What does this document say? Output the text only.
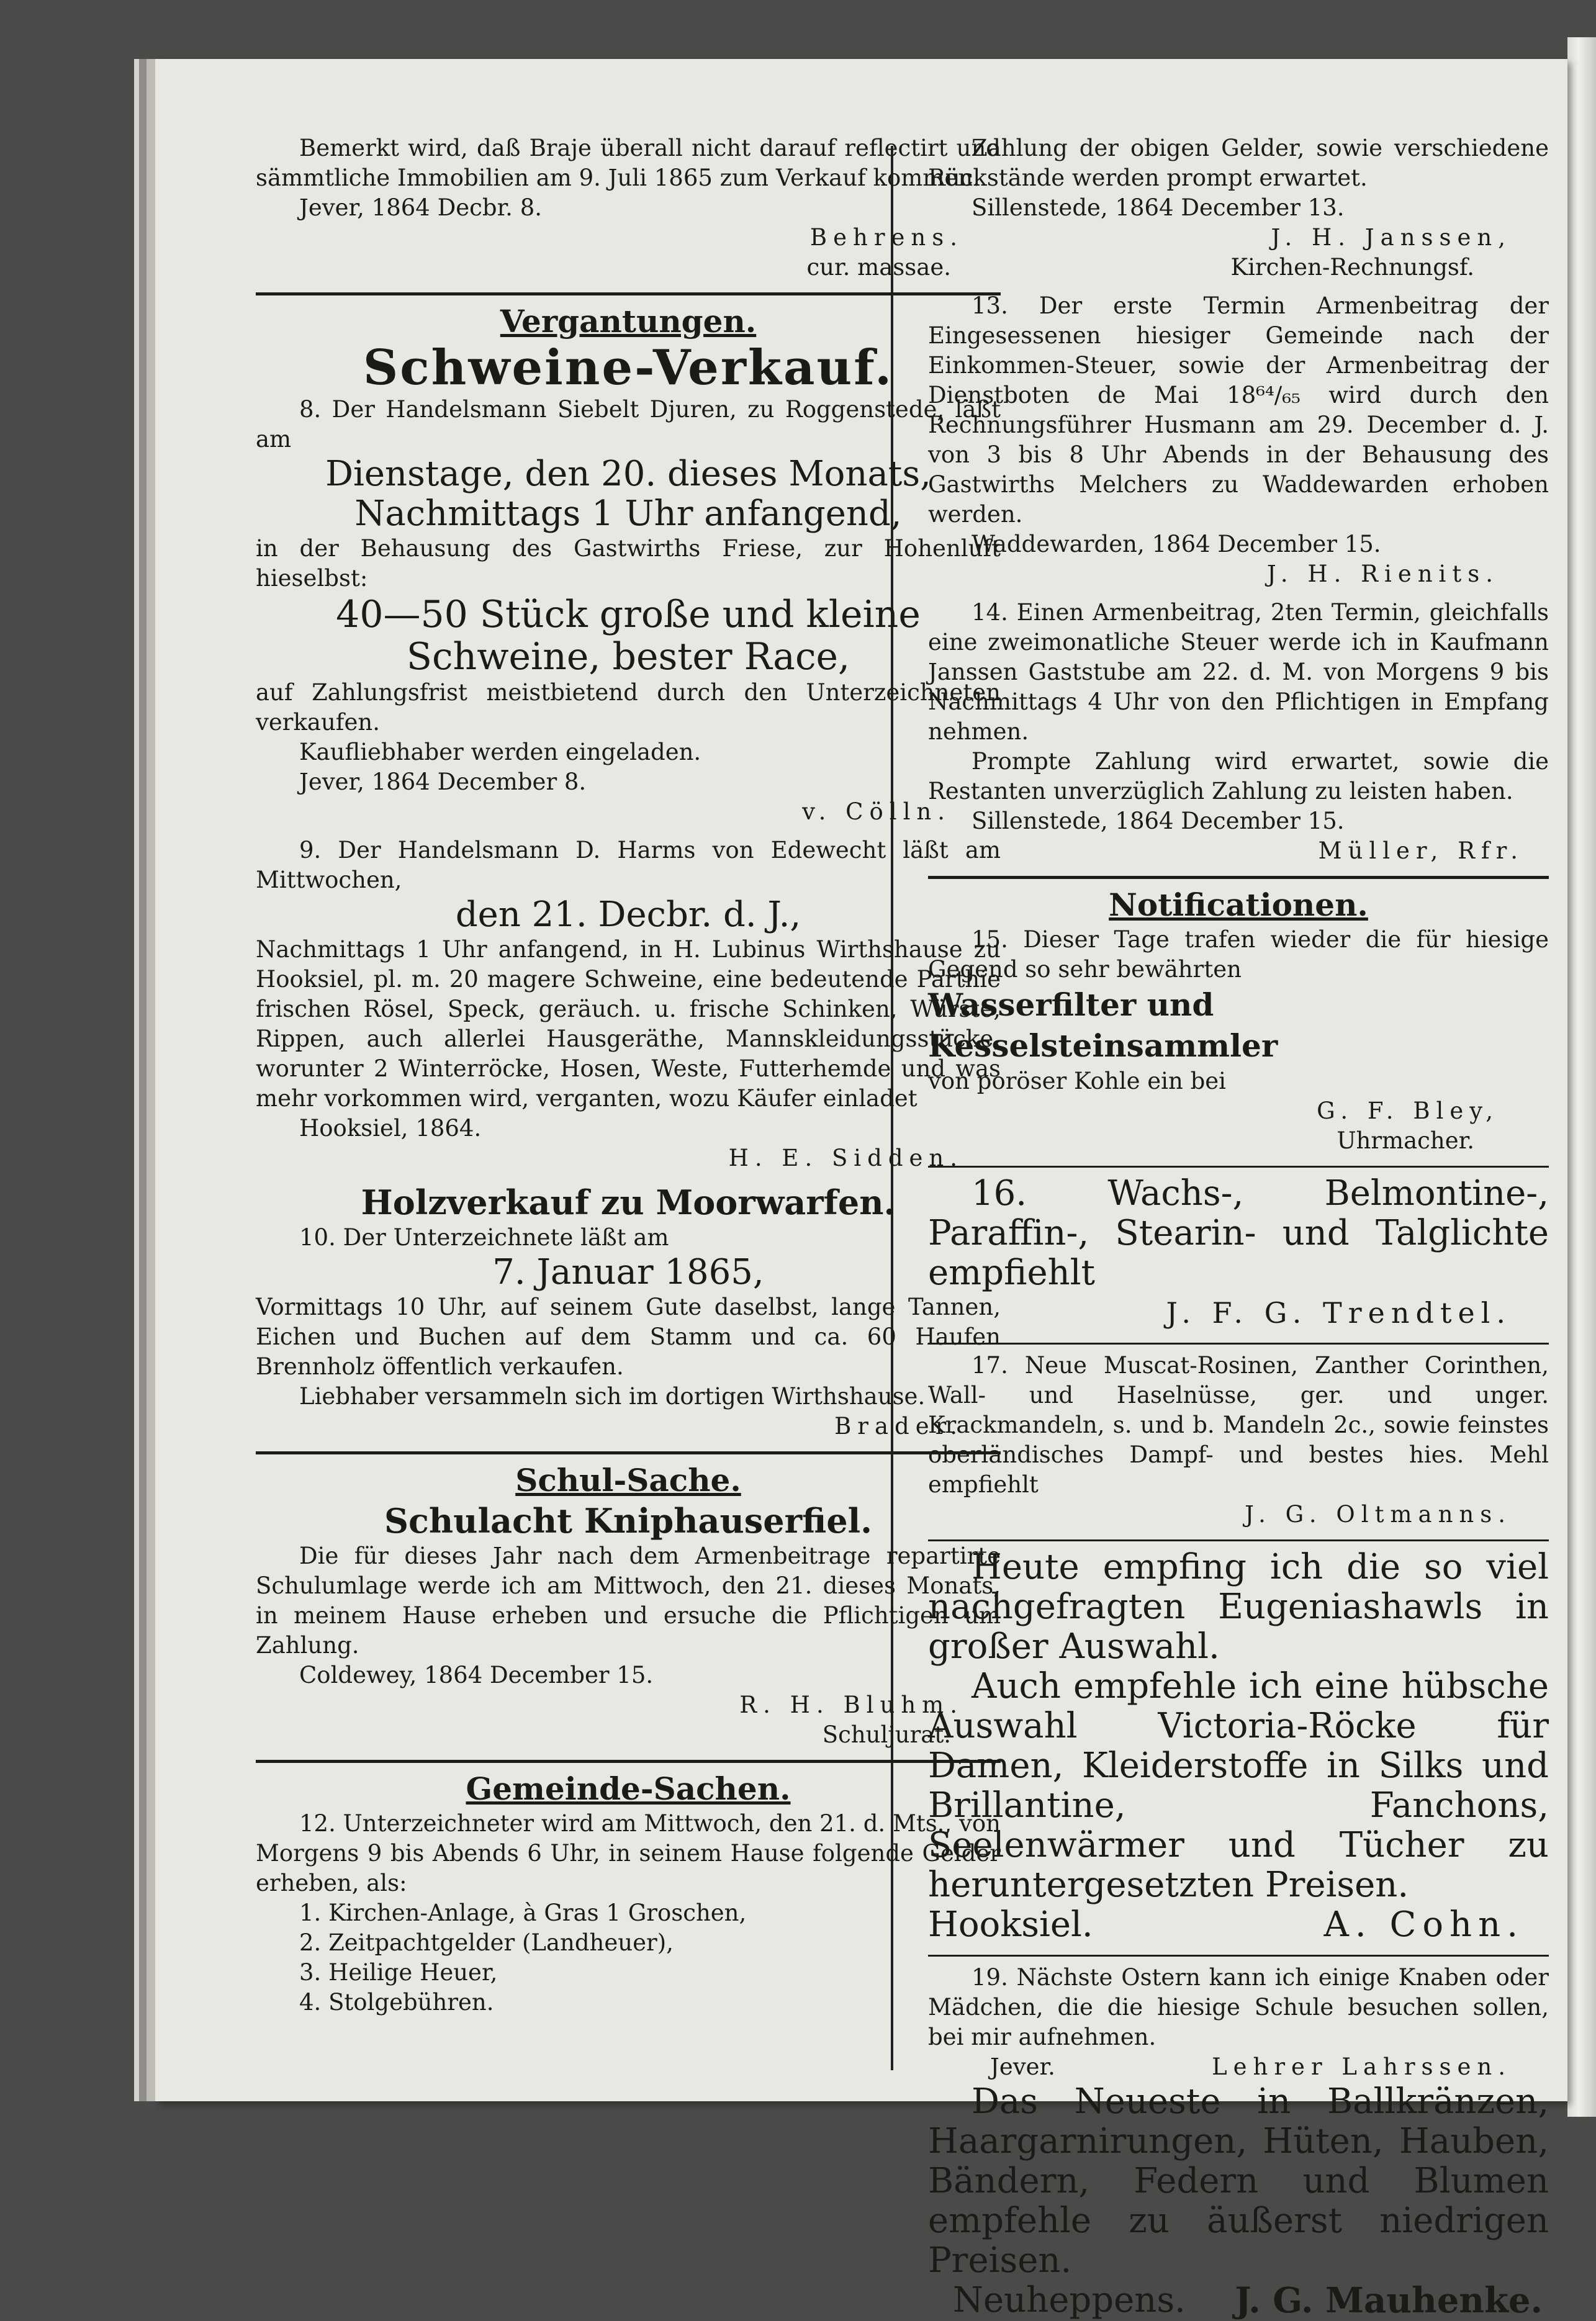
Bemerkt wird, daß Braje überall nicht darauf reflectirt und sämmtliche Immobilien am 9. Juli 1865 zum Verkauf kommen.

Jever, 1864 Decbr. 8.

Behrens.

cur. massae.

Vergantungen.

Schweine-Verkauf.

8. Der Handelsmann Siebelt Djuren, zu Roggenstede, läßt am

Dienstage, den 20. dieses Monats,

Nachmittags 1 Uhr anfangend,

in der Behausung des Gastwirths Friese, zur Hohenluft hieselbst:

40—50 Stück große und kleine

Schweine, bester Race,

auf Zahlungsfrist meistbietend durch den Unterzeichneten verkaufen.

Kaufliebhaber werden eingeladen.

Jever, 1864 December 8.

v. Cölln.

9. Der Handelsmann D. Harms von Edewecht läßt am Mittwochen,

den 21. Decbr. d. J.,

Nachmittags 1 Uhr anfangend, in H. Lubinus Wirthshause zu Hooksiel, pl. m. 20 magere Schweine, eine bedeutende Parthie frischen Rösel, Speck, geräuch. u. frische Schinken, Würste, Rippen, auch allerlei Hausgeräthe, Mannskleidungsstücke, worunter 2 Winterröcke, Hosen, Weste, Futterhemde und was mehr vorkommen wird, verganten, wozu Käufer einladet

Hooksiel, 1864.

H. E. Sidden.

Holzverkauf zu Moorwarfen.

10. Der Unterzeichnete läßt am

7. Januar 1865,

Vormittags 10 Uhr, auf seinem Gute daselbst, lange Tannen, Eichen und Buchen auf dem Stamm und ca. 60 Haufen Brennholz öffentlich verkaufen.

Liebhaber versammeln sich im dortigen Wirthshause.

Brader.

Schul-Sache.

Schulacht Kniphauserfiel.

Die für dieses Jahr nach dem Armenbeitrage repartirte Schulumlage werde ich am Mittwoch, den 21. dieses Monats, in meinem Hause erheben und ersuche die Pflichtigen um Zahlung.

Coldewey, 1864 December 15.

R. H. Bluhm.

Schuljurat.

Gemeinde-Sachen.

12. Unterzeichneter wird am Mittwoch, den 21. d. Mts., von Morgens 9 bis Abends 6 Uhr, in seinem Hause folgende Gelder erheben, als:

1. Kirchen-Anlage, à Gras 1 Groschen,

2. Zeitpachtgelder (Landheuer),

3. Heilige Heuer,

4. Stolgebühren.

Zahlung der obigen Gelder, sowie verschiedene Rückstände werden prompt erwartet.

Sillenstede, 1864 December 13.

J. H. Janssen,

Kirchen-Rechnungsf.

13. Der erste Termin Armenbeitrag der Eingesessenen hiesiger Gemeinde nach der Einkommen-Steuer, sowie der Armenbeitrag der Dienstboten de Mai 18⁶⁴/₆₅ wird durch den Rechnungsführer Husmann am 29. December d. J. von 3 bis 8 Uhr Abends in der Behausung des Gastwirths Melchers zu Waddewarden erhoben werden.

Waddewarden, 1864 December 15.

J. H. Rienits.

14. Einen Armenbeitrag, 2ten Termin, gleichfalls eine zweimonatliche Steuer werde ich in Kaufmann Janssen Gaststube am 22. d. M. von Morgens 9 bis Nachmittags 4 Uhr von den Pflichtigen in Empfang nehmen.

Prompte Zahlung wird erwartet, sowie die Restanten unverzüglich Zahlung zu leisten haben.

Sillenstede, 1864 December 15.

Müller, Rfr.

Notificationen.

15. Dieser Tage trafen wieder die für hiesige Gegend so sehr bewährten

Wasserfilter und Kesselsteinsammler

von poröser Kohle ein bei

G. F. Bley,

Uhrmacher.

16. Wachs-, Belmontine-, Paraffin-, Stearin- und Talglichte empfiehlt

J. F. G. Trendtel.

17. Neue Muscat-Rosinen, Zanther Corinthen, Wall- und Haselnüsse, ger. und unger. Krackmandeln, s. und b. Mandeln 2c., sowie feinstes oberländisches Dampf- und bestes hies. Mehl empfiehlt

J. G. Oltmanns.

Heute empfing ich die so viel nachgefragten Eugeniashawls in großer Auswahl.

Auch empfehle ich eine hübsche Auswahl Victoria-Röcke für Damen, Kleiderstoffe in Silks und Brillantine, Fanchons, Seelenwärmer und Tücher zu heruntergesetzten Preisen.

Hooksiel.	A. Cohn.

19. Nächste Ostern kann ich einige Knaben oder Mädchen, die die hiesige Schule besuchen sollen, bei mir aufnehmen.

Jever.	Lehrer Lahrssen.

Das Neueste in Ballkränzen, Haargarnirungen, Hüten, Hauben, Bändern, Federn und Blumen empfehle zu äußerst niedrigen Preisen.

Neuheppens. J. G. Mauhenke.
